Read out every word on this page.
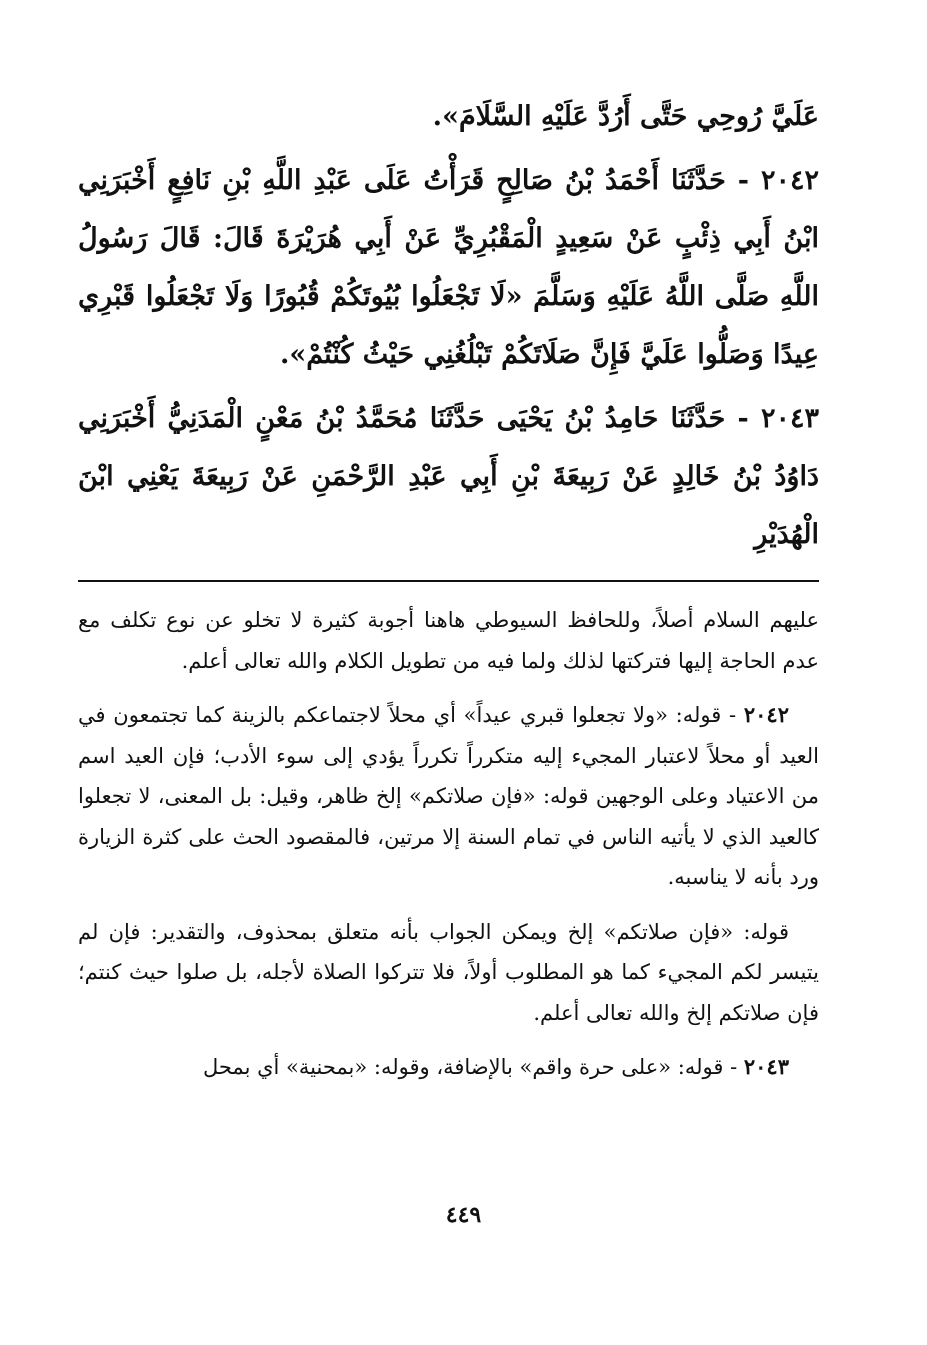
عَلَيَّ رُوحِي حَتَّى أَرُدَّ عَلَيْهِ السَّلَامَ».

٢٠٤٢ - حَدَّثَنَا أَحْمَدُ بْنُ صَالِحٍ قَرَأْتُ عَلَى عَبْدِ اللَّهِ بْنِ نَافِعٍ أَخْبَرَنِي ابْنُ أَبِي ذِئْبٍ عَنْ سَعِيدٍ الْمَقْبُرِيِّ عَنْ أَبِي هُرَيْرَةَ قَالَ: قَالَ رَسُولُ اللَّهِ صَلَّى اللَّهُ عَلَيْهِ وَسَلَّمَ «لَا تَجْعَلُوا بُيُوتَكُمْ قُبُورًا وَلَا تَجْعَلُوا قَبْرِي عِيدًا وَصَلُّوا عَلَيَّ فَإِنَّ صَلَاتَكُمْ تَبْلُغُنِي حَيْثُ كُنْتُمْ».

٢٠٤٣ - حَدَّثَنَا حَامِدُ بْنُ يَحْيَى حَدَّثَنَا مُحَمَّدُ بْنُ مَعْنٍ الْمَدَنِيُّ أَخْبَرَنِي دَاوُدُ بْنُ خَالِدٍ عَنْ رَبِيعَةَ بْنِ أَبِي عَبْدِ الرَّحْمَنِ عَنْ رَبِيعَةَ يَعْنِي ابْنَ الْهُدَيْرِ

عليهم السلام أصلاً، وللحافظ السيوطي هاهنا أجوبة كثيرة لا تخلو عن نوع تكلف مع عدم الحاجة إليها فتركتها لذلك ولما فيه من تطويل الكلام والله تعالى أعلم.

٢٠٤٢ - قوله: «ولا تجعلوا قبري عيداً» أي محلاً لاجتماعكم بالزينة كما تجتمعون في العيد أو محلاً لاعتبار المجيء إليه متكرراً تكرراً يؤدي إلى سوء الأدب؛ فإن العيد اسم من الاعتياد وعلى الوجهين قوله: «فإن صلاتكم» إلخ ظاهر، وقيل: بل المعنى، لا تجعلوا كالعيد الذي لا يأتيه الناس في تمام السنة إلا مرتين، فالمقصود الحث على كثرة الزيارة ورد بأنه لا يناسبه.

قوله: «فإن صلاتكم» إلخ ويمكن الجواب بأنه متعلق بمحذوف، والتقدير: فإن لم يتيسر لكم المجيء كما هو المطلوب أولاً، فلا تتركوا الصلاة لأجله، بل صلوا حيث كنتم؛ فإن صلاتكم إلخ والله تعالى أعلم.

٢٠٤٣ - قوله: «على حرة واقم» بالإضافة، وقوله: «بمحنية» أي بمحل

٤٤٩
